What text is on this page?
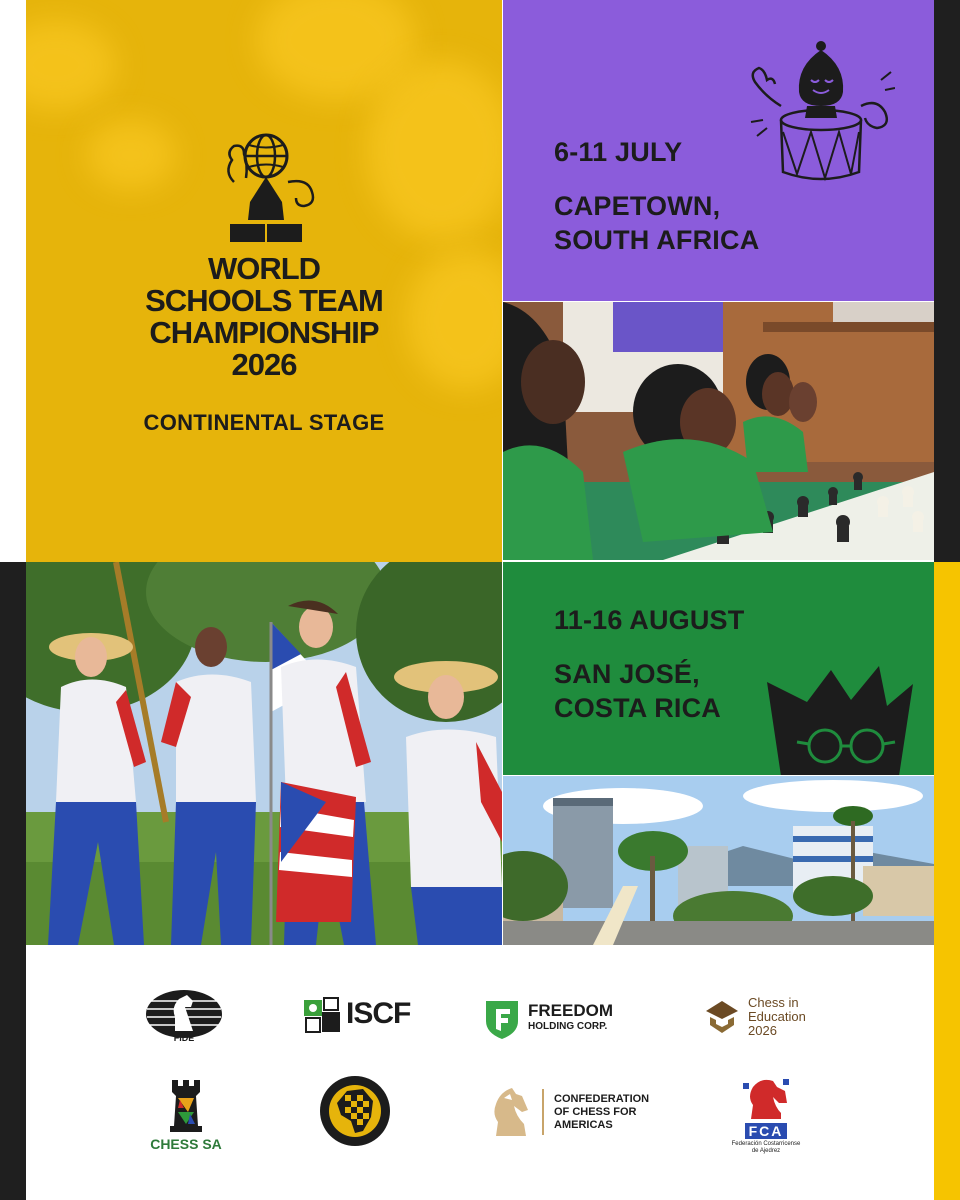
WORLD
SCHOOLS TEAM
CHAMPIONSHIP
2026
CONTINENTAL STAGE
6-11 JULY
CAPETOWN,
SOUTH AFRICA
11-16 AUGUST
SAN JOSÉ,
COSTA RICA
FIDE
ISCF	FREEDOM
HOLDING CORP.
Chess in
Education
2026
CHESS SA
CONFEDERATION
OF CHESS FOR
AMERICAS	FCA
Federación Costarricense
de Ajedrez
